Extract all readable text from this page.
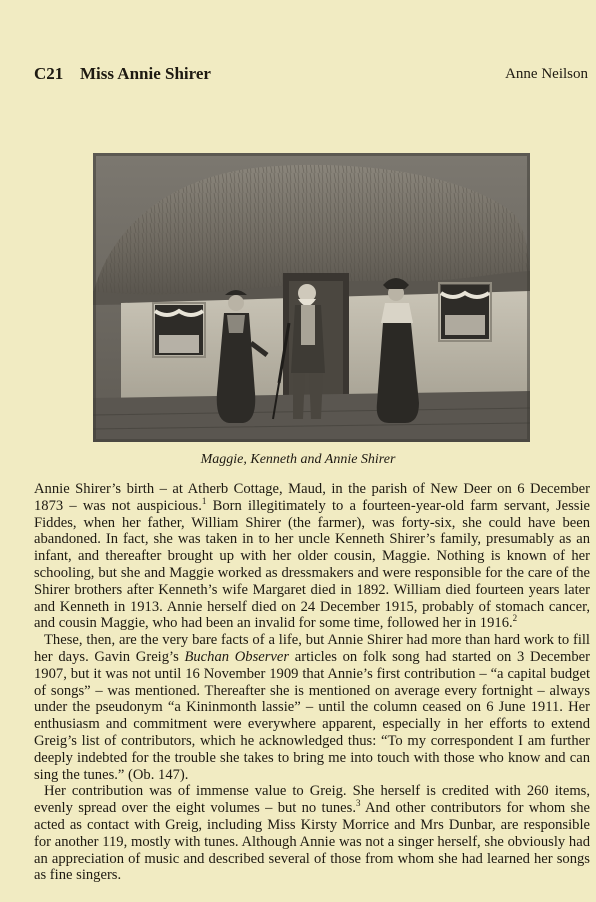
C21 Miss Annie Shirer	Anne Neilson
Maggie, Kenneth and Annie Shirer

Annie Shirer’s birth – at Atherb Cottage, Maud, in the parish of New Deer on 6 December 1873 – was not auspicious.$^1$ Born illegitimately to a fourteen-year-old farm servant, Jessie Fiddes, when her father, William Shirer (the farmer), was forty-six, she could have been abandoned. In fact, she was taken in to her uncle Kenneth Shirer’s family, presumably as an infant, and thereafter brought up with her older cousin, Maggie. Nothing is known of her schooling, but she and Maggie worked as dressmakers and were responsible for the care of the Shirer brothers after Kenneth’s wife Margaret died in 1892. William died fourteen years later and Kenneth in 1913. Annie herself died on 24 December 1915, probably of stomach cancer, and cousin Maggie, who had been an invalid for some time, followed her in 1916.$^2$

These, then, are the very bare facts of a life, but Annie Shirer had more than hard work to fill her days. Gavin Greig’s Buchan Observer articles on folk song had started on 3 December 1907, but it was not until 16 November 1909 that Annie’s first contribution – “a capital budget of songs” – was mentioned. Thereafter she is mentioned on average every fortnight – always under the pseudonym “a Kininmonth lassie” – until the column ceased on 6 June 1911. Her enthusiasm and commitment were everywhere apparent, especially in her efforts to extend Greig’s list of contributors, which he acknowledged thus: “To my correspondent I am further deeply indebted for the trouble she takes to bring me into touch with those who know and can sing the tunes.” (Ob. 147).

Her contribution was of immense value to Greig. She herself is credited with 260 items, evenly spread over the eight volumes – but no tunes.$^3$ And other contributors for whom she acted as contact with Greig, including Miss Kirsty Morrice and Mrs Dunbar, are responsible for another 119, mostly with tunes. Although Annie was not a singer herself, she obviously had an appreciation of music and described several of those from whom she had learned her songs as fine singers.
